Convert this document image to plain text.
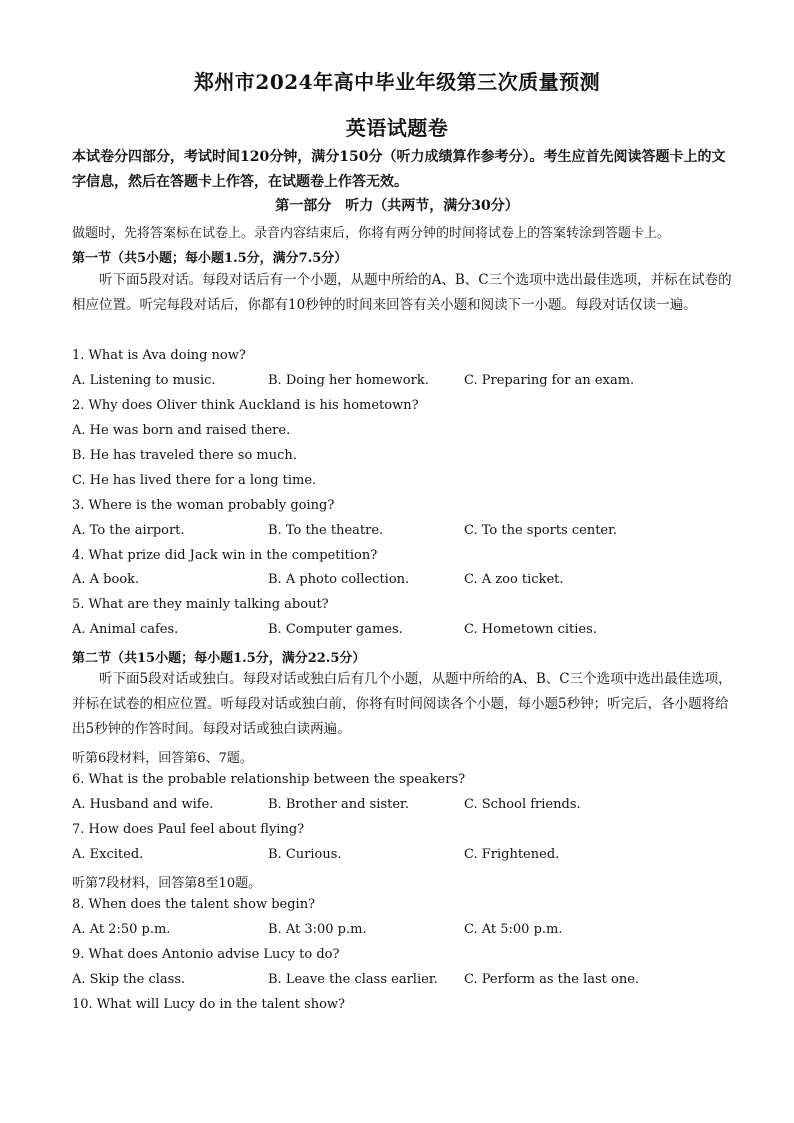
郑州市2024年高中毕业年级第三次质量预测
英语试题卷
本试卷分四部分，考试时间120分钟，满分150分（听力成绩算作参考分）。考生应首先阅读答题卡上的文字信息，然后在答题卡上作答，在试题卷上作答无效。
第一部分　听力（共两节，满分30分）
做题时，先将答案标在试卷上。录音内容结束后，你将有两分钟的时间将试卷上的答案转涂到答题卡上。
第一节（共5小题；每小题1.5分，满分7.5分）
听下面5段对话。每段对话后有一个小题，从题中所给的A、B、C三个选项中选出最佳选项，并标在试卷的相应位置。听完每段对话后，你都有10秒钟的时间来回答有关小题和阅读下一小题。每段对话仅读一遍。
1. What is Ava doing now?
A. Listening to music.	B. Doing her homework.	C. Preparing for an exam.
2. Why does Oliver think Auckland is his hometown?
A. He was born and raised there.
B. He has traveled there so much.
C. He has lived there for a long time.
3. Where is the woman probably going?
A. To the airport.	B. To the theatre.	C. To the sports center.
4. What prize did Jack win in the competition?
A. A book.	B. A photo collection.	C. A zoo ticket.
5. What are they mainly talking about?
A. Animal cafes.	B. Computer games.	C. Hometown cities.
第二节（共15小题；每小题1.5分，满分22.5分）
听下面5段对话或独白。每段对话或独白后有几个小题，从题中所给的A、B、C三个选项中选出最佳选项，并标在试卷的相应位置。听每段对话或独白前，你将有时间阅读各个小题，每小题5秒钟；听完后，各小题将给出5秒钟的作答时间。每段对话或独白读两遍。
听第6段材料，回答第6、7题。
6. What is the probable relationship between the speakers?
A. Husband and wife.	B. Brother and sister.	C. School friends.
7. How does Paul feel about flying?
A. Excited.	B. Curious.	C. Frightened.
听第7段材料，回答第8至10题。
8. When does the talent show begin?
A. At 2:50 p.m.	B. At 3:00 p.m.	C. At 5:00 p.m.
9. What does Antonio advise Lucy to do?
A. Skip the class.	B. Leave the class earlier. C. Perform as the last one.
10. What will Lucy do in the talent show?
